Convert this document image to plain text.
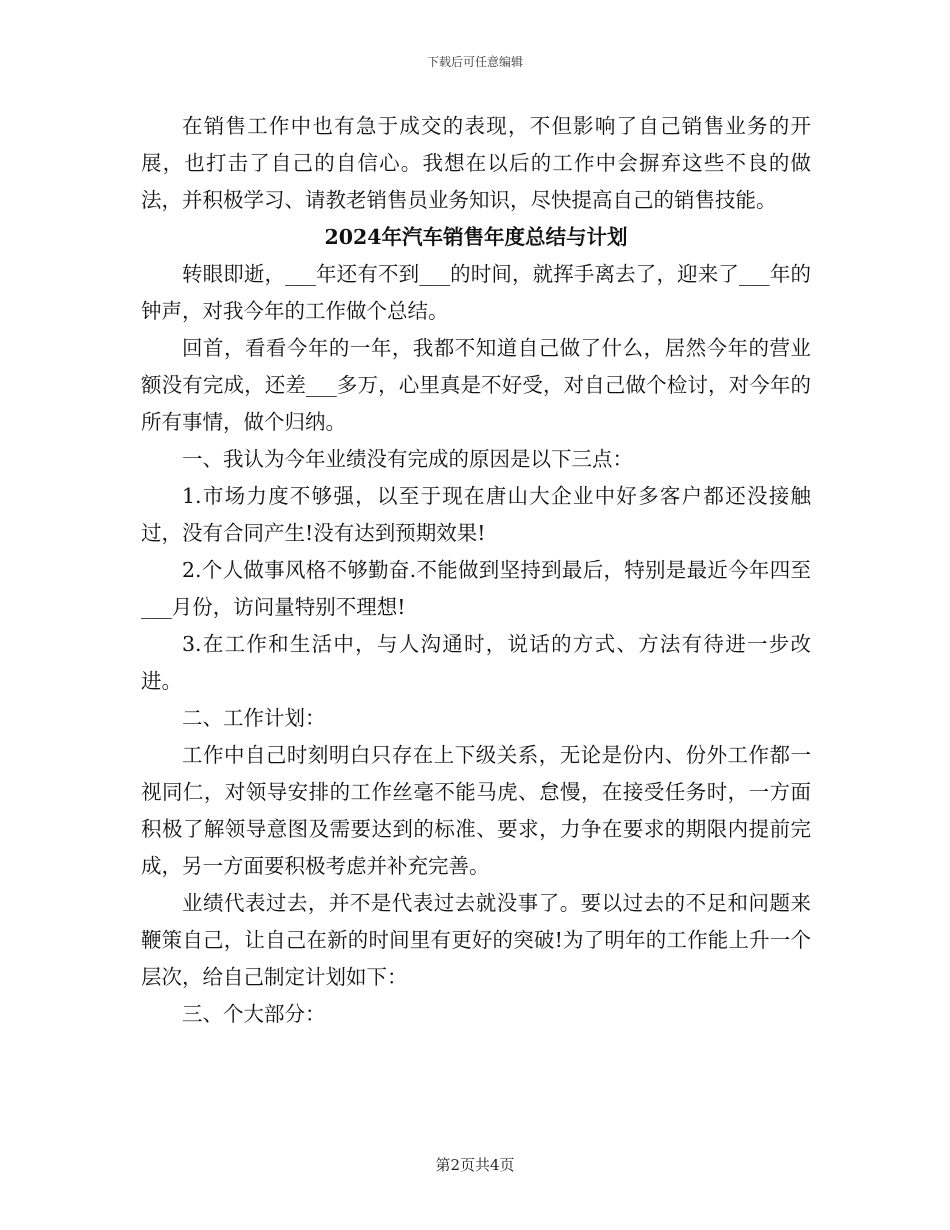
下载后可任意编辑

在销售工作中也有急于成交的表现，不但影响了自己销售业务的开展，也打击了自己的自信心。我想在以后的工作中会摒弃这些不良的做法，并积极学习、请教老销售员业务知识，尽快提高自己的销售技能。

2024年汽车销售年度总结与计划

转眼即逝，___年还有不到___的时间，就挥手离去了，迎来了___年的钟声，对我今年的工作做个总结。

回首，看看今年的一年，我都不知道自己做了什么，居然今年的营业额没有完成，还差___多万，心里真是不好受，对自己做个检讨，对今年的所有事情，做个归纳。

一、我认为今年业绩没有完成的原因是以下三点：

1.市场力度不够强，以至于现在唐山大企业中好多客户都还没接触过，没有合同产生!没有达到预期效果!

2.个人做事风格不够勤奋.不能做到坚持到最后，特别是最近今年四至___月份，访问量特别不理想!

3.在工作和生活中，与人沟通时，说话的方式、方法有待进一步改进。

二、工作计划：

工作中自己时刻明白只存在上下级关系，无论是份内、份外工作都一视同仁，对领导安排的工作丝毫不能马虎、怠慢，在接受任务时，一方面积极了解领导意图及需要达到的标准、要求，力争在要求的期限内提前完成，另一方面要积极考虑并补充完善。

业绩代表过去，并不是代表过去就没事了。要以过去的不足和问题来鞭策自己，让自己在新的时间里有更好的突破!为了明年的工作能上升一个层次，给自己制定计划如下：

三、个大部分：

第2页共4页
